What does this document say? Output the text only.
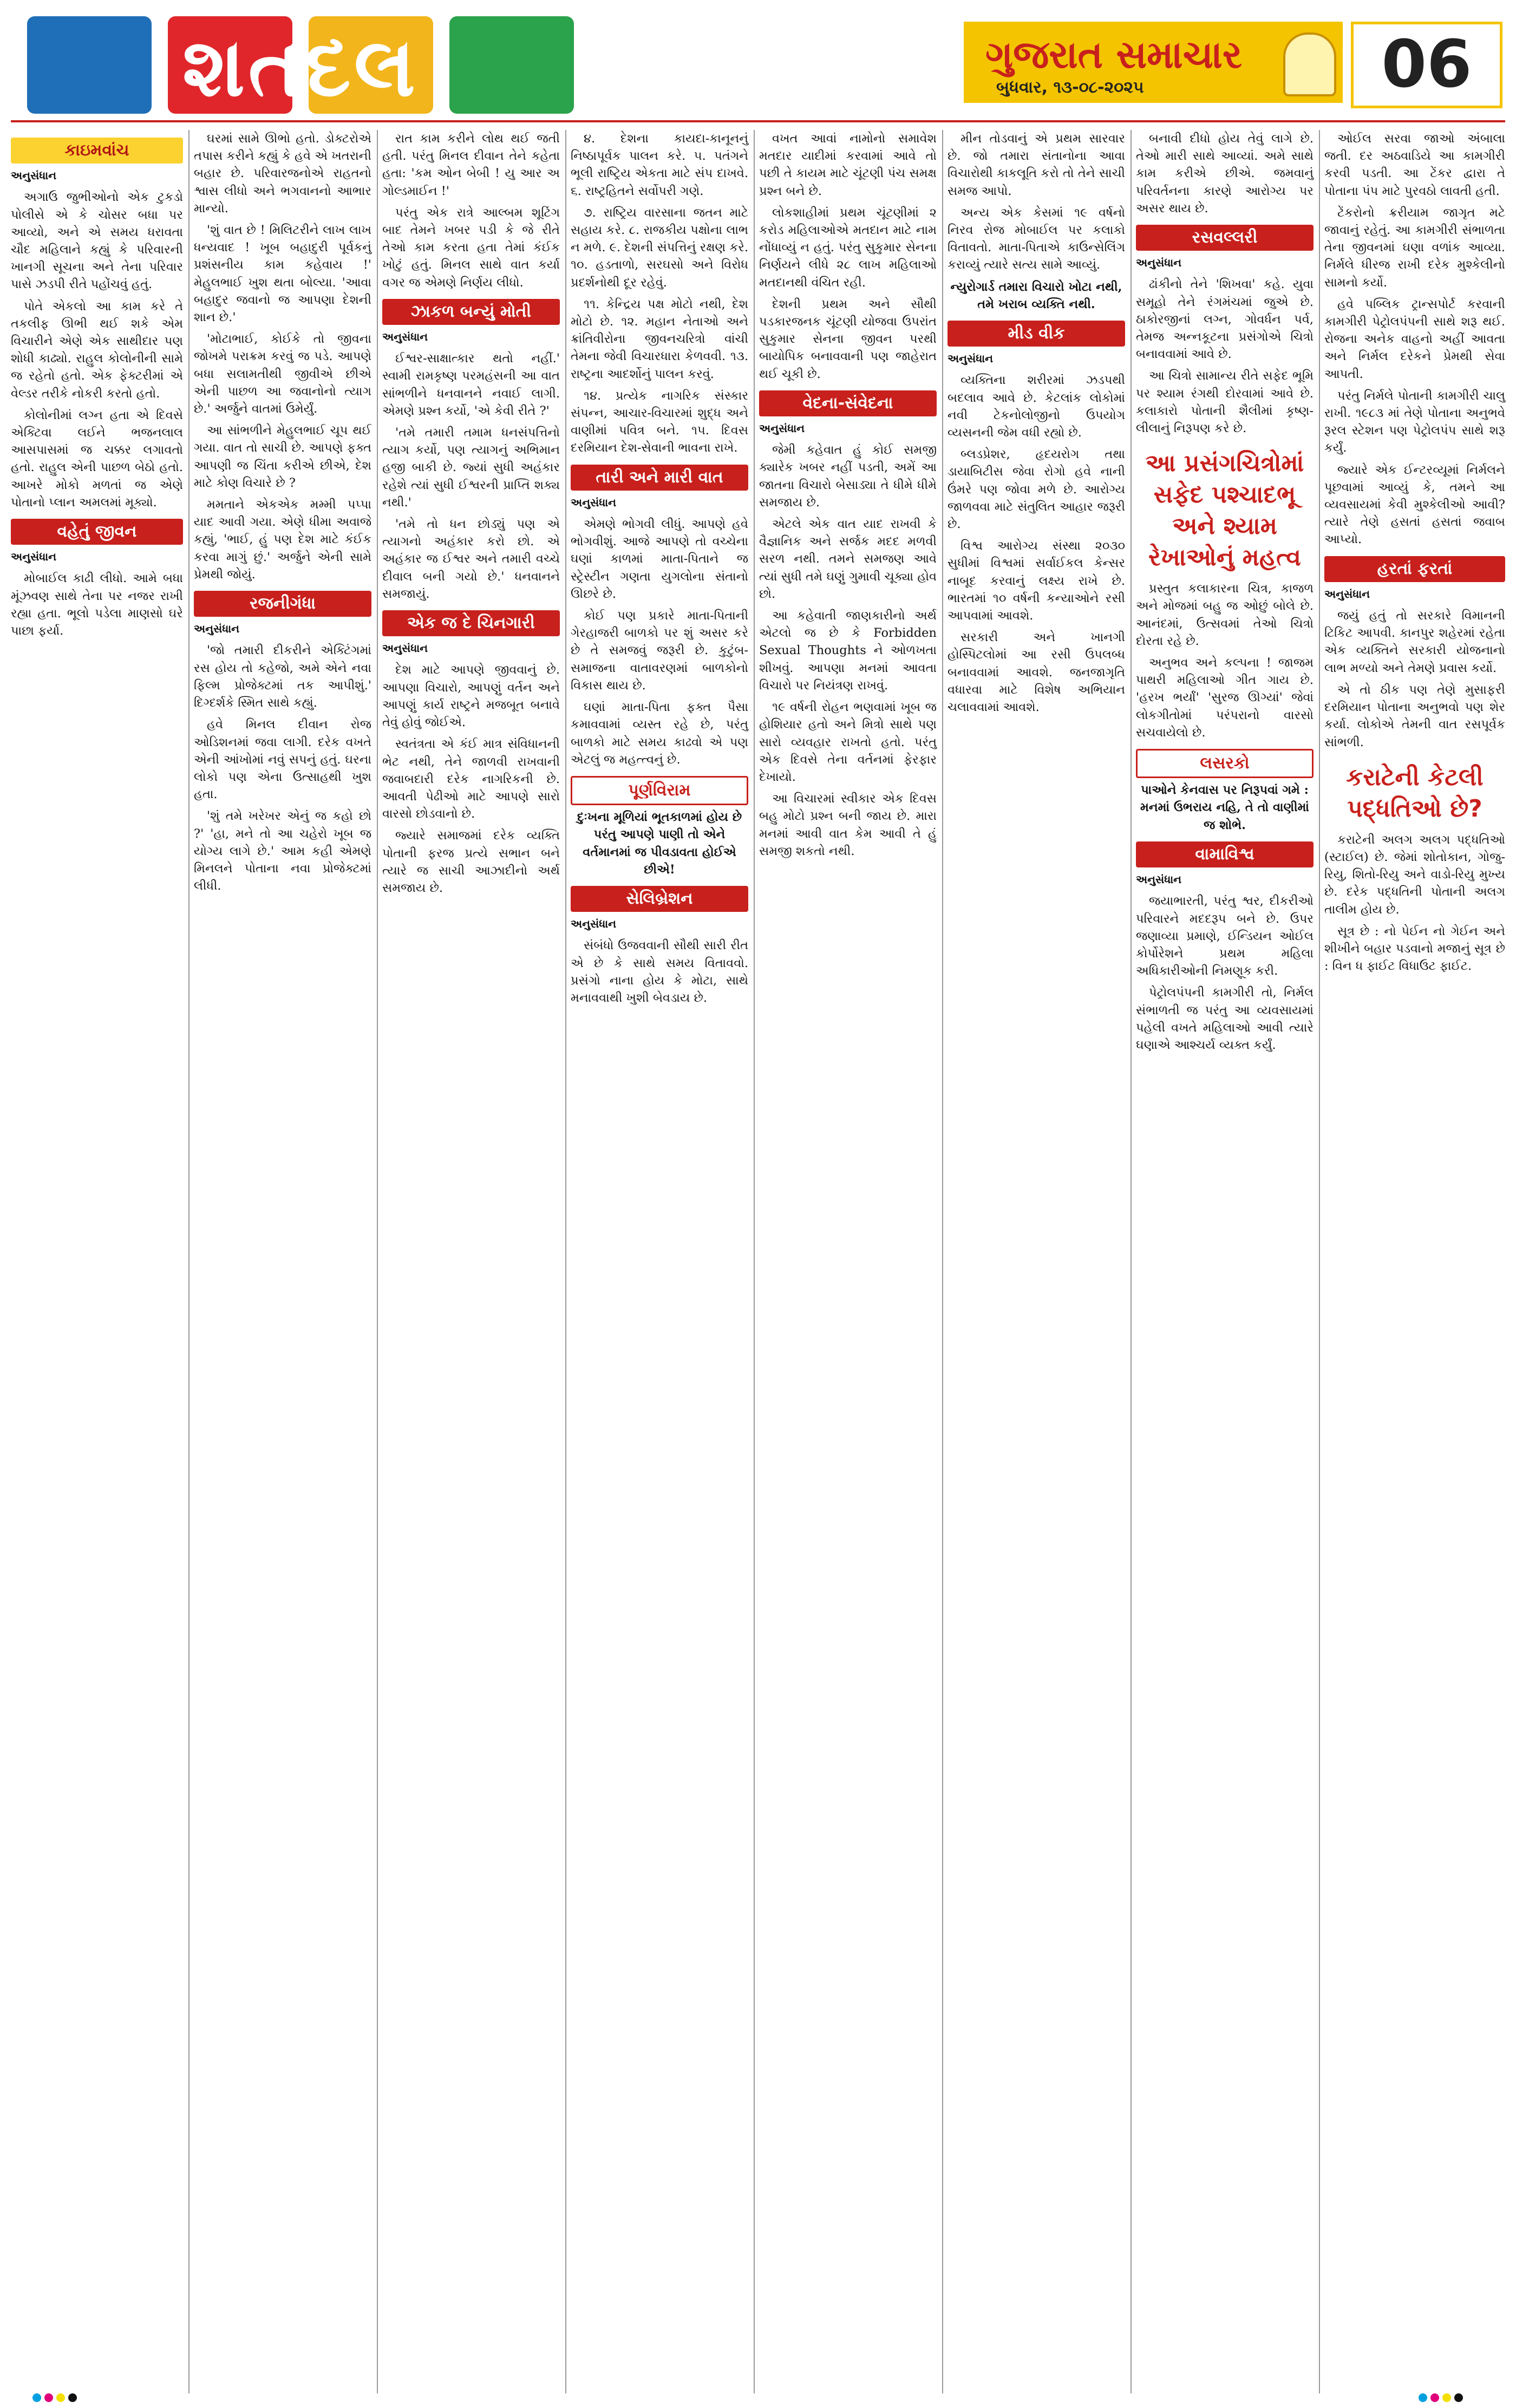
શતદલ	ગુજરાત સમાચાર
બુધવાર, ૧૩-૦૮-૨૦૨૫	06
કાઇમવાંચ

અનુસંધાન

અગાઉ જુભીઓનો એક ટુકડો પોલીસે એ કે ચોસર બધા પર આવ્યો, અને એ સમય ધરાવતા ચૌદ મહિલાને કહ્યું કે પરિવારની ખાનગી સૂચના અને તેના પરિવાર પાસે ઝડપી રીતે પહોંચવું હતું.

પોતે એકલો આ કામ કરે તે તકલીફ ઊભી થઈ શકે એમ વિચારીને એણે એક સાથીદાર પણ શોધી કાઢ્યો. રાહુલ કોલોનીની સામે જ રહેતો હતો. એક ફેક્ટરીમાં એ વેલ્ડર તરીકે નોકરી કરતો હતો.

કોલોનીમાં લગ્ન હતા એ દિવસે એક્ટિવા લઈને ભજનલાલ આસપાસમાં જ ચક્કર લગાવતો હતો. રાહુલ એની પાછળ બેઠો હતો. આખરે મોકો મળતાં જ એણે પોતાનો પ્લાન અમલમાં મૂક્યો.

વહેતું જીવન

અનુસંધાન

મોબાઈલ કાઢી લીધો. આમે બધા મૂંઝવણ સાથે તેના પર નજર રાખી રહ્યા હતા. ભૂલો પડેલા માણસો ઘરે પાછા ફર્યા.

ઘરમાં સામે ઊભો હતો. ડોક્ટરોએ તપાસ કરીને કહ્યું કે હવે એ ખતરાની બહાર છે. પરિવારજનોએ રાહતનો શ્વાસ લીધો અને ભગવાનનો આભાર માન્યો.

'શું વાત છે ! મિલિટરીને લાખ લાખ ધન્યવાદ ! ખૂબ બહાદુરી પૂર્વકનું પ્રશંસનીય કામ કહેવાય !' મેહુલભાઈ ખુશ થતા બોલ્યા. 'આવા બહાદુર જવાનો જ આપણા દેશની શાન છે.'

'મોટાભાઈ, કોઈકે તો જીવના જોખમે પરાક્રમ કરવું જ પડે. આપણે બધા સલામતીથી જીવીએ છીએ એની પાછળ આ જવાનોનો ત્યાગ છે.' અર્જુને વાતમાં ઉમેર્યું.

આ સાંભળીને મેહુલભાઈ ચૂપ થઈ ગયા. વાત તો સાચી છે. આપણે ફક્ત આપણી જ ચિંતા કરીએ છીએ, દેશ માટે કોણ વિચારે છે ?

મમતાને એકએક મમ્મી પપ્પા યાદ આવી ગયા. એણે ધીમા અવાજે કહ્યું, 'ભાઈ, હું પણ દેશ માટે કંઈક કરવા માગું છું.' અર્જુને એની સામે પ્રેમથી જોયું.

રજનીગંધા

અનુસંધાન

'જો તમારી દીકરીને એક્ટિંગમાં રસ હોય તો કહેજો, અમે એને નવા ફિલ્મ પ્રોજેક્ટમાં તક આપીશું.' દિગ્દર્શકે સ્મિત સાથે કહ્યું.

હવે મિનલ દીવાન રોજ ઓડિશનમાં જવા લાગી. દરેક વખતે એની આંખોમાં નવું સપનું હતું. ઘરના લોકો પણ એના ઉત્સાહથી ખુશ હતા.

'શું તમે ખરેખર એનું જ કહો છો ?' 'હા, મને તો આ ચહેરો ખૂબ જ યોગ્ય લાગે છે.' આમ કહી એમણે મિનલને પોતાના નવા પ્રોજેક્ટમાં લીધી.

રાત કામ કરીને લોથ થઈ જતી હતી. પરંતુ મિનલ દીવાન તેને કહેતા હતા: 'કમ ઓન બેબી ! યુ આર અ ગોલ્ડમાઈન !'

પરંતુ એક રાત્રે આલ્બમ શૂટિંગ બાદ તેમને ખબર પડી કે જે રીતે તેઓ કામ કરતા હતા તેમાં કંઈક ખોટું હતું. મિનલ સાથે વાત કર્યા વગર જ એમણે નિર્ણય લીધો.

ઝાકળ બન્યું મોતી

અનુસંધાન

ઈશ્વર-સાક્ષાત્કાર થતો નહીં.' સ્વામી રામકૃષ્ણ પરમહંસની આ વાત સાંભળીને ધનવાનને નવાઈ લાગી. એમણે પ્રશ્ન કર્યો, 'એ કેવી રીતે ?'

'તમે તમારી તમામ ધનસંપત્તિનો ત્યાગ કર્યો, પણ ત્યાગનું અભિમાન હજી બાકી છે. જ્યાં સુધી અહંકાર રહેશે ત્યાં સુધી ઈશ્વરની પ્રાપ્તિ શક્ય નથી.'

'તમે તો ધન છોડ્યું પણ એ ત્યાગનો અહંકાર કરો છો. એ અહંકાર જ ઈશ્વર અને તમારી વચ્ચે દીવાલ બની ગયો છે.' ધનવાનને સમજાયું.

એક જ દે ચિનગારી

અનુસંધાન

દેશ માટે આપણે જીવવાનું છે. આપણા વિચારો, આપણું વર્તન અને આપણું કાર્ય રાષ્ટ્રને મજબૂત બનાવે તેવું હોવું જોઈએ.

સ્વતંત્રતા એ કંઈ માત્ર સંવિધાનની ભેટ નથી, તેને જાળવી રાખવાની જવાબદારી દરેક નાગરિકની છે. આવતી પેઢીઓ માટે આપણે સારો વારસો છોડવાનો છે.

જ્યારે સમાજમાં દરેક વ્યક્તિ પોતાની ફરજ પ્રત્યે સભાન બને ત્યારે જ સાચી આઝાદીનો અર્થ સમજાય છે.

૪. દેશના કાયદા-કાનૂનનું નિષ્ઠાપૂર્વક પાલન કરે. ૫. પતંગને ભૂલી રાષ્ટ્રિય એકતા માટે સંપ દાખવે. ૬. રાષ્ટ્રહિતને સર્વોપરી ગણે.

૭. રાષ્ટ્રિય વારસાના જતન માટે સહાય કરે. ૮. રાજકીય પક્ષોના લાભ ન મળે. ૯. દેશની સંપત્તિનું રક્ષણ કરે. ૧૦. હડતાળો, સરઘસો અને વિરોધ પ્રદર્શનોથી દૂર રહેવું.

૧૧. કેન્દ્રિય પક્ષ મોટો નથી, દેશ મોટો છે. ૧૨. મહાન નેતાઓ અને ક્રાંતિવીરોના જીવનચરિત્રો વાંચી તેમના જેવી વિચારધારા કેળવવી. ૧૩. રાષ્ટ્રના આદર્શોનું પાલન કરવું.

૧૪. પ્રત્યેક નાગરિક સંસ્કાર સંપન્ન, આચાર-વિચારમાં શુદ્ધ અને વાણીમાં પવિત્ર બને. ૧૫. દિવસ દરમિયાન દેશ-સેવાની ભાવના રાખે.

તારી અને મારી વાત

અનુસંધાન

એમણે ભોગવી લીધું. આપણે હવે ભોગવીશું. આજે આપણે તો વચ્ચેના ઘણાં કાળમાં માતા-પિતાને જ સ્ટ્રેસ્ટીન ગણતા યુગલોના સંતાનો ઊછરે છે.

કોઈ પણ પ્રકારે માતા-પિતાની ગેરહાજરી બાળકો પર શું અસર કરે છે તે સમજવું જરૂરી છે. કુટુંબ-સમાજના વાતાવરણમાં બાળકોનો વિકાસ થાય છે.

ઘણાં માતા-પિતા ફક્ત પૈસા કમાવવામાં વ્યસ્ત રહે છે, પરંતુ બાળકો માટે સમય કાઢવો એ પણ એટલું જ મહત્ત્વનું છે.

પૂર્ણવિરામ

દુઃખના મૂળિયાં ભૂતકાળમાં હોય છે પરંતુ આપણે પાણી તો એને વર્તમાનમાં જ પીવડાવતા હોઈએ છીએ!

સેલિબ્રેશન

અનુસંધાન

સંબંધો ઉજવવાની સૌથી સારી રીત એ છે કે સાથે સમય વિતાવવો. પ્રસંગો નાના હોય કે મોટા, સાથે મનાવવાથી ખુશી બેવડાય છે.

વખત આવાં નામોનો સમાવેશ મતદાર યાદીમાં કરવામાં આવે તો પછી તે કાયમ માટે ચૂંટણી પંચ સમક્ષ પ્રશ્ન બને છે.

લોકશાહીમાં પ્રથમ ચૂંટણીમાં ૨ કરોડ મહિલાઓએ મતદાન માટે નામ નોંધાવ્યું ન હતું. પરંતુ સુકુમાર સેનના નિર્ણયને લીધે ૨૮ લાખ મહિલાઓ મતદાનથી વંચિત રહી.

દેશની પ્રથમ અને સૌથી પડકારજનક ચૂંટણી યોજવા ઉપરાંત સુકુમાર સેનના જીવન પરથી બાયોપિક બનાવવાની પણ જાહેરાત થઈ ચૂકી છે.

વેદના-સંવેદના

અનુસંધાન

જેમી કહેવાત હું કોઈ સમજી ક્યારેક ખબર નહીં પડતી, અમેં આ જાતના વિચારો બેસાડ્યા તે ધીમે ધીમે સમજાય છે.

એટલે એક વાત યાદ રાખવી કે વૈજ્ઞાનિક અને સર્જક મદદ મળવી સરળ નથી. તમને સમજણ આવે ત્યાં સુધી તમે ઘણું ગુમાવી ચૂક્યા હોવ છો.

આ કહેવાતી જાણકારીનો અર્થ એટલો જ છે કે Forbidden Sexual Thoughts ને ઓળખતા શીખવું. આપણા મનમાં આવતા વિચારો પર નિયંત્રણ રાખવું.

૧૯ વર્ષની રોહન ભણવામાં ખૂબ જ હોશિયાર હતો અને મિત્રો સાથે પણ સારો વ્યવહાર રાખતો હતો. પરંતુ એક દિવસે તેના વર્તનમાં ફેરફાર દેખાયો.

આ વિચારમાં સ્વીકાર એક દિવસ બહુ મોટો પ્રશ્ન બની જાય છે. મારા મનમાં આવી વાત કેમ આવી તે હું સમજી શકતો નથી.

મીન તોડવાનું એ પ્રથમ સારવાર છે. જો તમારા સંતાનોના આવા વિચારોથી કાકલૂતિ કરો તો તેને સાચી સમજ આપો.

અન્ય એક કેસમાં ૧૯ વર્ષનો નિરવ રોજ મોબાઈલ પર કલાકો વિતાવતો. માતા-પિતાએ કાઉન્સેલિંગ કરાવ્યું ત્યારે સત્ય સામે આવ્યું.

ન્યુરોગાર્ડ તમારા વિચારો ખોટા નથી, તમે ખરાબ વ્યક્તિ નથી.

મીડ વીક

અનુસંધાન

વ્યક્તિના શરીરમાં ઝડપથી બદલાવ આવે છે. કેટલાંક લોકોમાં નવી ટેકનોલોજીનો ઉપયોગ વ્યસનની જેમ વધી રહ્યો છે.

બ્લડપ્રેશર, હૃદયરોગ તથા ડાયાબિટીસ જેવા રોગો હવે નાની ઉંમરે પણ જોવા મળે છે. આરોગ્ય જાળવવા માટે સંતુલિત આહાર જરૂરી છે.

વિશ્વ આરોગ્ય સંસ્થા ૨૦૩૦ સુધીમાં વિશ્વમાં સર્વાઈકલ કેન્સર નાબૂદ કરવાનું લક્ષ્ય રાખે છે. ભારતમાં ૧૦ વર્ષની કન્યાઓને રસી આપવામાં આવશે.

સરકારી અને ખાનગી હોસ્પિટલોમાં આ રસી ઉપલબ્ધ બનાવવામાં આવશે. જનજાગૃતિ વધારવા માટે વિશેષ અભિયાન ચલાવવામાં આવશે.

બનાવી દીધો હોય તેવું લાગે છે. તેઓ મારી સાથે આવ્યાં. અમે સાથે કામ કરીએ છીએ. જમવાનું પરિવર્તનના કારણે આરોગ્ય પર અસર થાય છે.

રસવલ્લરી

અનુસંધાન

ઢાંકીનો તેને 'શિખવા' કહે. યુવા સમૂહો તેને રંગમંચમાં જુએ છે. ઠાકોરજીનાં લગ્ન, ગોવર્ધન પર્વ, તેમજ અન્નકૂટના પ્રસંગોએ ચિત્રો બનાવવામાં આવે છે.

આ ચિત્રો સામાન્ય રીતે સફેદ ભૂમિ પર શ્યામ રંગથી દોરવામાં આવે છે. કલાકારો પોતાની શૈલીમાં કૃષ્ણ-લીલાનું નિરૂપણ કરે છે.

આ પ્રસંગચિત્રોમાં સફેદ પશ્ચાદભૂ અને શ્યામ રેખાઓનું મહત્વ

પ્રસ્તુત કલાકારના ચિત્ર, કાજળ અને મોજમાં બહુ જ ઓછું બોલે છે. આનંદમાં, ઉત્સવમાં તેઓ ચિત્રો દોરતા રહે છે.

અનુભવ અને કલ્પના ! જાજમ પાથરી મહિલાઓ ગીત ગાય છે. 'હરખ ભર્યાં' 'સુરજ ઊગ્યાં' જેવાં લોકગીતોમાં પરંપરાનો વારસો સચવાયેલો છે.

લસરકો

પાઓને કેનવાસ પર નિરૂપવાં ગમે : મનમાં ઉભરાય નહિ, તે તો વાણીમાં જ શોભે.

વામાવિશ્વ

અનુસંધાન

જયાભારતી, પરંતુ શ્વર, દીકરીઓ પરિવારને મદદરૂપ બને છે. ઉપર જણાવ્યા પ્રમાણે, ઈન્ડિયન ઓઈલ કોર્પોરેશને પ્રથમ મહિલા અધિકારીઓની નિમણૂક કરી.

પેટ્રોલપંપની કામગીરી તો, નિર્મલ સંભાળતી જ પરંતુ આ વ્યવસાયમાં પહેલી વખતે મહિલાઓ આવી ત્યારે ઘણાએ આશ્ચર્ય વ્યક્ત કર્યું.

ઓઈલ સરવા જાઓ અંબાલા જતી. દર અઠવાડિયે આ કામગીરી કરવી પડતી. આ ટેંકર દ્વારા તે પોતાના પંપ માટે પુરવઠો લાવતી હતી.

ટેંકરોનો ક્રરીયામ જાગૃત મટે જાવાનું રહેતું. આ કામગીરી સંભાળતા તેના જીવનમાં ઘણા વળાંક આવ્યા. નિર્મલે ધીરજ રાખી દરેક મુશ્કેલીનો સામનો કર્યો.

હવે પબ્લિક ટ્રાન્સપોર્ટ કરવાની કામગીરી પેટ્રોલપંપની સાથે શરૂ થઈ. રોજના અનેક વાહનો અહીં આવતા અને નિર્મલ દરેકને પ્રેમથી સેવા આપતી.

પરંતુ નિર્મલે પોતાની કામગીરી ચાલુ રાખી. ૧૯૮૩ માં તેણે પોતાના અનુભવે રૂરલ સ્ટેશન પણ પેટ્રોલપંપ સાથે શરૂ કર્યું.

જ્યારે એક ઈન્ટરવ્યૂમાં નિર્મલને પૂછવામાં આવ્યું કે, તમને આ વ્યવસાયમાં કેવી મુશ્કેલીઓ આવી? ત્યારે તેણે હસતાં હસતાં જવાબ આપ્યો.

હરતાં ફરતાં

અનુસંધાન

જયું હતું તો સરકારે વિમાનની ટિકિટ આપવી. કાનપુર શહેરમાં રહેતા એક વ્યક્તિને સરકારી યોજનાનો લાભ મળ્યો અને તેમણે પ્રવાસ કર્યો.

એ તો ઠીક પણ તેણે મુસાફરી દરમિયાન પોતાના અનુભવો પણ શેર કર્યા. લોકોએ તેમની વાત રસપૂર્વક સાંભળી.

કરાટેની કેટલી પદ્ધતિઓ છે?

કરાટેની અલગ અલગ પદ્ધતિઓ (સ્ટાઈલ) છે. જેમાં શોતોકાન, ગોજુ-રિયુ, શિતો-રિયુ અને વાડો-રિયુ મુખ્ય છે. દરેક પદ્ધતિની પોતાની અલગ તાલીમ હોય છે.

સૂત્ર છે : નો પેઈન નો ગેઈન અને શીખીને બહાર પડવાનો મજાનું સૂત્ર છે : વિન ધ ફાઈટ વિધાઉટ ફાઈટ.
